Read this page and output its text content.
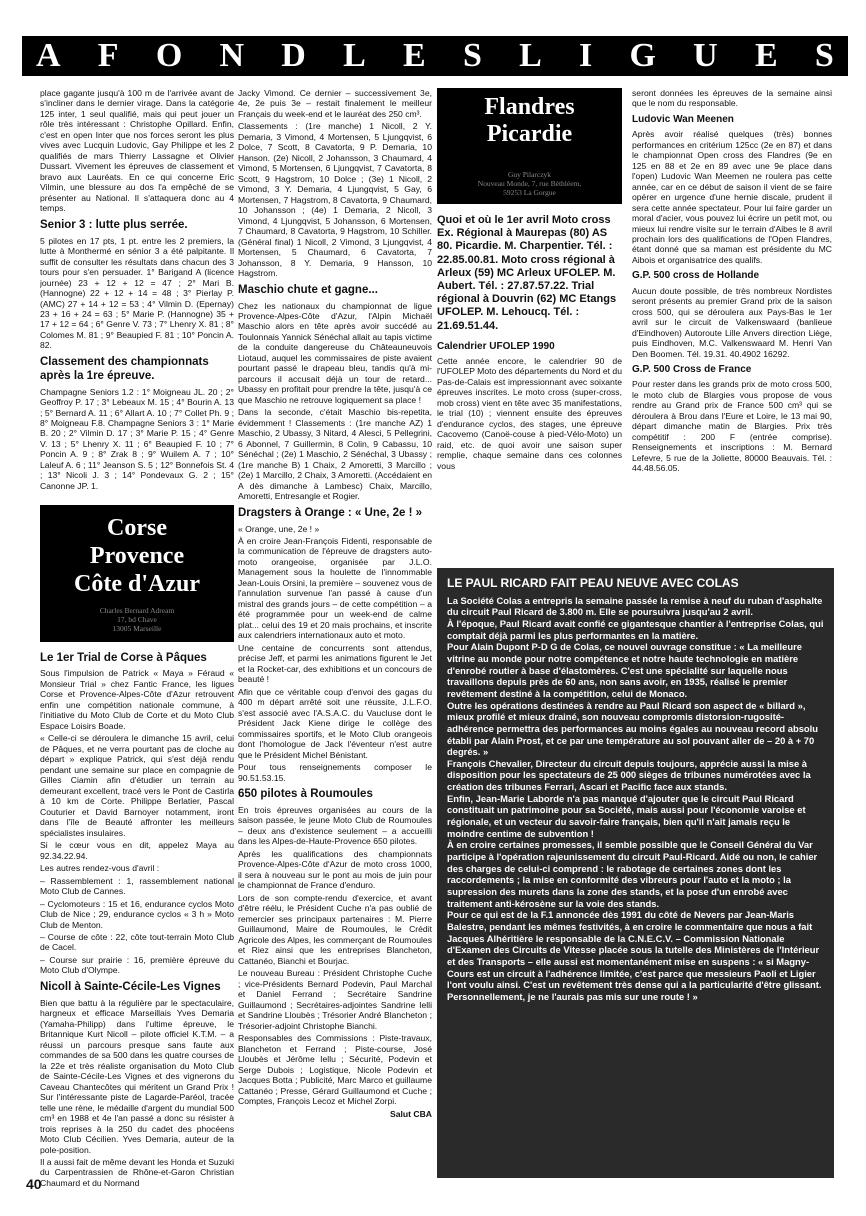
A F O N D L E S L I G U E S

place gagante jusqu'à 100 m de l'arrivée avant de s'incliner dans le dernier virage. Dans la catégorie 125 inter, 1 seul qualifié, mais qui peut jouer un rôle très intéressant : Christophe Opillard. Enfin, c'est en open Inter que nos forces seront les plus vives avec Lucquin Ludovic, Gay Philippe et les 2 qualifiés de mars Thierry Lassagne et Olivier Dussart. Vivement les épreuves de classement et bravo aux Lauréats. En ce qui concerne Eric Vilmin, une blessure au dos l'a empêché de se présenter au National. Il s'attaquera donc au 4 temps.

Senior 3 : lutte plus serrée.

5 pilotes en 17 pts, 1 pt. entre les 2 premiers, la lutte à Monthermé en sénior 3 a été palpitante. Il suffit de consulter les résultats dans chacun des 3 tours pour s'en persuader. 1° Barigand A (licence journée) 23 + 12 + 12 = 47 ; 2° Mari B. (Hannogne) 22 + 12 + 14 = 48 ; 3° Pierlay P. (AMC) 27 + 14 + 12 = 53 ; 4° Vilmin D. (Epernay) 23 + 16 + 24 = 63 ; 5° Marie P. (Hannogne) 35 + 17 + 12 = 64 ; 6° Genre V. 73 ; 7° Lhenry X. 81 ; 8° Colomes M. 81 ; 9° Beaupied F. 81 ; 10° Poncin A. 82.

Classement des championnats après la 1re épreuve.

Champagne Seniors 1.2 : 1° Moigneau JL. 20 ; 2° Geoffroy P. 17 ; 3° Lebeaux M. 15 ; 4° Bourin A. 13 ; 5° Bernard A. 11 ; 6° Allart A. 10 ; 7° Collet Ph. 9 ; 8° Moigneau F.8. Champagne Seniors 3 : 1° Marie B. 20 ; 2° Vilmin D. 17 ; 3° Marie P. 15 ; 4° Genre V. 13 ; 5° Lhenry X. 11 ; 6° Beaupied F. 10 ; 7° Poncin A. 9 ; 8° Zrak 8 ; 9° Wuilem A. 7 ; 10° Laleuf A. 6 ; 11° Jeanson S. 5 ; 12° Bonnefois St. 4 ; 13° Nicoli J. 3 ; 14° Pondevaux G. 2 ; 15° Canonne JP. 1.

Corse
Provence
Côte d'Azur
Charles Bernard Adream
17, bd Chave
13005 Marseille
Le 1er Trial de Corse à Pâques

Sous l'impulsion de Patrick « Maya » Féraud « Monsieur Trial » chez Fantic France, les ligues Corse et Provence-Alpes-Côte d'Azur retrouvent enfin une compétition nationale commune, à l'initiative du Moto Club de Corte et du Moto Club Espace Loisirs Boade.

« Celle-ci se déroulera le dimanche 15 avril, celui de Pâques, et ne verra pourtant pas de cloche au départ » explique Patrick, qui s'est déjà rendu pendant une semaine sur place en compagnie de Gilles Ciamin afin d'étudier un terrain au demeurant excellent, tracé vers le Pont de Castirla à 10 km de Corte. Philippe Berlatier, Pascal Couturier et David Barnoyer notamment, iront dans l'île de Beauté affronter les meilleurs spécialistes insulaires.

Si le cœur vous en dit, appelez Maya au 92.34.22.94.

Les autres rendez-vous d'avril :

– Rassemblement : 1, rassemblement national Moto Club de Cannes.

– Cyclomoteurs : 15 et 16, endurance cyclos Moto Club de Nice ; 29, endurance cyclos « 3 h » Moto Club de Menton.

– Course de côte : 22, côte tout-terrain Moto Club de Cacel.

– Course sur prairie : 16, première épreuve du Moto Club d'Olympe.

Nicoll à Sainte-Cécile-Les Vignes

Bien que battu à la régulière par le spectaculaire, hargneux et efficace Marseillais Yves Demaria (Yamaha-Philipp) dans l'ultime épreuve, le Britannique Kurt Nicoll – pilote officiel K.T.M. – a réussi un parcours presque sans faute aux commandes de sa 500 dans les quatre courses de la 22e et très réaliste organisation du Moto Club de Sainte-Cécile-Les Vignes et des vignerons du Caveau Chantecôtes qui méritent un Grand Prix ! Sur l'intéressante piste de Lagarde-Paréol, tracée telle une rène, le médaille d'argent du mundial 500 cm³ en 1988 et 4e l'an passé a donc su résister à trois reprises à la 250 du cadet des phocéens Moto Club Cécilien. Yves Demaria, auteur de la pole-position.

Il a aussi fait de même devant les Honda et Suzuki du Carpentrassien de Rhône-et-Garon Christian Chaumard et du Normand

Jacky Vimond. Ce dernier – successivement 3e, 4e, 2e puis 3e – restait finalement le meilleur Français du week-end et le lauréat des 250 cm³.

Classements : (1re manche) 1 Nicoll, 2 Y. Demaria, 3 Vimond, 4 Mortensen, 5 Ljungqvist, 6 Dolce, 7 Scott, 8 Cavatorta, 9 P. Demaria, 10 Hanson. (2e) Nicoll, 2 Johansson, 3 Chaumard, 4 Vimond, 5 Mortensen, 6 Ljungqvist, 7 Cavatorta, 8 Scott, 9 Hagstrom, 10 Dolce ; (3e) 1 Nicoll, 2 Vimond, 3 Y. Demaria, 4 Ljungqvist, 5 Gay, 6 Mortensen, 7 Hagstrom, 8 Cavatorta, 9 Chaumard, 10 Johansson ; (4e) 1 Demaria, 2 Nicoll, 3 Vimond, 4 Ljungqvist, 5 Johansson, 6 Mortensen, 7 Chaumard, 8 Cavatorta, 9 Hagstrom, 10 Schiller. (Général final) 1 Nicoll, 2 Vimond, 3 Ljungqvist, 4 Mortensen, 5 Chaumard, 6 Cavatorta, 7 Johansson, 8 Y. Demaria, 9 Hansson, 10 Hagstrom.

Maschio chute et gagne...

Chez les nationaux du championnat de ligue Provence-Alpes-Côte d'Azur, l'Alpin Michaël Maschio alors en tête après avoir succédé au Toulonnais Yannick Sénéchal allait au tapis victime de la conduite dangereuse du Châteauneuvois Liotaud, auquel les commissaires de piste avaient pourtant passé le drapeau bleu, tandis qu'à mi-parcours il accusait déjà un tour de retard... Ubassy en profitait pour prendre la tête, jusqu'à ce que Maschio ne retrouve logiquement sa place !

Dans la seconde, c'était Maschio bis-repetita, évidemment ! Classements : (1re manche AZ) 1 Maschio, 2 Ubassy, 3 Nitard, 4 Alesci, 5 Pellegrini, 6 Abonnel, 7 Guillermin, 8 Colin, 9 Cabassu, 10 Sénéchal ; (2e) 1 Maschio, 2 Sénéchal, 3 Ubassy ; (1re manche B) 1 Chaix, 2 Amoretti, 3 Marcillo ; (2e) 1 Marcillo, 2 Chaix, 3 Amoretti. (Accédaient en A dès dimanche à Lambesc) Chaix, Marcillo, Amoretti, Entresangle et Rogier.

Dragsters à Orange : « Une, 2e ! »

« Orange, une, 2e ! »

À en croire Jean-François Fidenti, responsable de la communication de l'épreuve de dragsters auto-moto orangeoise, organisée par J.L.O. Management sous la houlette de l'innommable Jean-Louis Orsini, la première – souvenez vous de l'annulation survenue l'an passé à cause d'un mistral des grands jours – de cette compétition – a été programmée pour un week-end de calme plat... celui des 19 et 20 mais prochains, et inscrite aux calendriers internationaux auto et moto.

Une centaine de concurrents sont attendus, précise Jeff, et parmi les animations figurent le Jet et la Rocket-car, des exhibitions et un concours de beauté !

Afin que ce véritable coup d'envoi des gagas du 400 m départ arrêté soit une réussite, J.L.F.O. s'est associé avec l'A.S.A.C. du Vaucluse dont le Président Jack Kiene dirige le collège des commissaires sportifs, et le Moto Club orangeois dont l'homologue de Jack l'éventeur n'est autre que le Président Michel Bénistant.

Pour tous renseignements composer le 90.51.53.15.

650 pilotes à Roumoules

En trois épreuves organisées au cours de la saison passée, le jeune Moto Club de Roumoules – deux ans d'existence seulement – a accueilli dans les Alpes-de-Haute-Provence 650 pilotes.

Après les qualifications des championnats Provence-Alpes-Côte d'Azur de moto cross 1000, il sera à nouveau sur le pont au mois de juin pour le championnat de France d'enduro.

Lors de son compte-rendu d'exercice, et avant d'être réélu, le Président Cuche n'a pas oublié de remercier ses principaux partenaires : M. Pierre Guillaumond, Maire de Roumoules, le Crédit Agricole des Alpes, les commerçant de Roumoules et Riez ainsi que les entreprises Blancheton, Cattanéo, Bianchi et Bourjac.

Le nouveau Bureau : Président Christophe Cuche ; vice-Présidents Bernard Podevin, Paul Marchal et Daniel Ferrand ; Secrétaire Sandrine Guillaumond ; Secrétaires-adjointes Sandrine Ielli et Sandrine Lloubès ; Trésorier André Blancheton ; Trésorier-adjoint Christophe Bianchi.

Responsables des Commissions : Piste-travaux, Blancheton et Ferrand ; Piste-course, José Lloubès et Jérôme Iellu ; Sécurité, Podevin et Serge Dubois ; Logistique, Nicole Podevin et Jacques Botta ; Publicité, Marc Marco et guillaume Cattanéo ; Presse, Gérard Guillaumond et Cuche ; Comptes, François Lecoz et Michel Zorpi.

Salut CBA
Flandres
Picardie
Guy Pilarczyk
Nouveau Monde, 7, rue Béthléem,
59253 La Gorgue
Quoi et où le 1er avril Moto cross Ex. Régional à Maurepas (80) AS 80. Picardie. M. Charpentier. Tél. : 22.85.00.81. Moto cross régional à Arleux (59) MC Arleux UFOLEP. M. Aubert. Tél. : 27.87.57.22. Trial régional à Douvrin (62) MC Etangs UFOLEP. M. Lehoucq. Tél. : 21.69.51.44.
Calendrier UFOLEP 1990

Cette année encore, le calendrier 90 de l'UFOLEP Moto des départements du Nord et du Pas-de-Calais est impressionnant avec soixante épreuves inscrites. Le moto cross (super-cross, mob cross) vient en tête avec 35 manifestations, le trial (10) ; viennent ensuite des épreuves d'endurance cyclos, des stages, une épreuve Cacovemo (Canoë-couse à pied-Vélo-Moto) un raid, etc. de quoi avoir une saison super remplie, chaque semaine dans ces colonnes vous

seront données les épreuves de la semaine ainsi que le nom du responsable.

Ludovic Wan Meenen

Après avoir réalisé quelques (très) bonnes performances en critérium 125cc (2e en 87) et dans le championnat Open cross des Flandres (9e en 125 en 88 et 2e en 89 avec une 9e place dans l'open) Ludovic Wan Meemen ne roulera pas cette année, car en ce début de saison il vient de se faire opérer en urgence d'une hernie discale, prudent il sera cette année spectateur. Pour lui faire garder un moral d'acier, vous pouvez lui écrire un petit mot, ou mieux lui rendre visite sur le terrain d'Aibes le 8 avril prochain lors des qualifications de l'Open Flandres, étant donné que sa maman est présidente du MC Aibois et organisatrice des qualifs.

G.P. 500 cross de Hollande

Aucun doute possible, de très nombreux Nordistes seront présents au premier Grand prix de la saison cross 500, qui se déroulera aux Pays-Bas le 1er avril sur le circuit de Valkenswaard (banlieue d'Eindhoven) Autoroute Lille Anvers direction Liège, puis Eindhoven, M.C. Valkenswaard M. Henri Van Den Boomen. Tél. 19.31. 40.4902 16292.

G.P. 500 Cross de France

Pour rester dans les grands prix de moto cross 500, le moto club de Blargies vous propose de vous rendre au Grand prix de France 500 cm³ qui se déroulera à Brou dans l'Eure et Loire, le 13 mai 90, départ dimanche matin de Blargies. Prix très compétitif : 200 F (entrée comprise). Renseignements et inscriptions : M. Bernard Lefevre, 5 rue de la Joliette, 80000 Beauvais. Tél. : 44.48.56.05.

LE PAUL RICARD FAIT PEAU NEUVE AVEC COLAS

La Société Colas a entrepris la semaine passée la remise à neuf du ruban d'asphalte du circuit Paul Ricard de 3.800 m. Elle se poursuivra jusqu'au 2 avril.

À l'époque, Paul Ricard avait confié ce gigantesque chantier à l'entreprise Colas, qui comptait déjà parmi les plus performantes en la matière.

Pour Alain Dupont P-D G de Colas, ce nouvel ouvrage constitue : « La meilleure vitrine au monde pour notre compétence et notre haute technologie en matière d'enrobé routier à base d'élastomères. C'est une spécialité sur laquelle nous travaillons depuis près de 60 ans, non sans avoir, en 1935, réalisé le premier revêtement destiné à la compétition, celui de Monaco.

Outre les opérations destinées à rendre au Paul Ricard son aspect de « billard », mieux profilé et mieux drainé, son nouveau compromis distorsion-rugosité-adhérence permettra des performances au moins égales au nouveau record absolu établi par Alain Prost, et ce par une température au sol pouvant aller de – 20 à + 70 degrés. »

François Chevalier, Directeur du circuit depuis toujours, apprécie aussi la mise à disposition pour les spectateurs de 25 000 sièges de tribunes numérotées avec la création des tribunes Ferrari, Ascari et Pacific face aux stands.

Enfin, Jean-Marie Laborde n'a pas manqué d'ajouter que le circuit Paul Ricard constituait un patrimoine pour sa Société, mais aussi pour l'économie varoise et régionale, et un vecteur du savoir-faire français, bien qu'il n'ait jamais reçu le moindre centime de subvention !

À en croire certaines promesses, il semble possible que le Conseil Général du Var participe à l'opération rajeunissement du circuit Paul-Ricard. Aidé ou non, le cahier des charges de celui-ci comprend : le rabotage de certaines zones dont les raccordements ; la mise en conformité des vibreurs pour l'auto et la moto ; la supression des murets dans la zone des stands, et la pose d'un enrobé avec traitement anti-kérosène sur la voie des stands.

Pour ce qui est de la F.1 annoncée dès 1991 du côté de Nevers par Jean-Maris Balestre, pendant les mêmes festivités, à en croire le commentaire que nous a fait Jacques Alhéritière le responsable de la C.N.E.C.V. – Commission Nationale d'Examen des Circuits de Vitesse placée sous la tutelle des Ministères de l'Intérieur et des Transports – elle aussi est momentanément mise en suspens : « si Magny-Cours est un circuit à l'adhérence limitée, c'est parce que messieurs Paoli et Ligier l'ont voulu ainsi. C'est un revêtement très dense qui a la particularité d'être glissant. Personnellement, je ne l'aurais pas mis sur une route ! »

40
